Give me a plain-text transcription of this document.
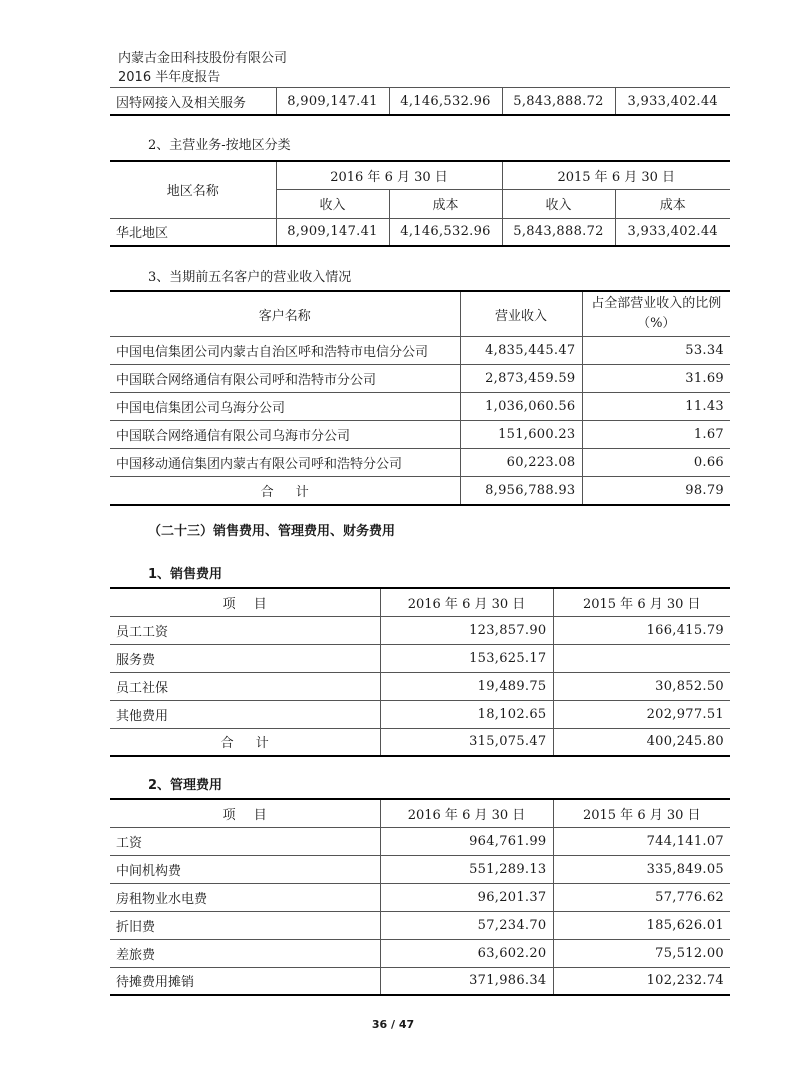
内蒙古金田科技股份有限公司
2016 半年度报告
因特网接入及相关服务	8,909,147.41	4,146,532.96	5,843,888.72	3,933,402.44
2、主营业务-按地区分类
地区名称	2016 年 6 月 30 日		2015 年 6 月 30 日	
	收入	成本	收入	成本
华北地区	8,909,147.41	4,146,532.96	5,843,888.72	3,933,402.44
3、当期前五名客户的营业收入情况
客户名称	营业收入	占全部营业收入的比例（%）
中国电信集团公司内蒙古自治区呼和浩特市电信分公司	4,835,445.47	53.34
中国联合网络通信有限公司呼和浩特市分公司	2,873,459.59	31.69
中国电信集团公司乌海分公司	1,036,060.56	11.43
中国联合网络通信有限公司乌海市分公司	151,600.23	1.67
中国移动通信集团内蒙古有限公司呼和浩特分公司	60,223.08	0.66
合 计	8,956,788.93	98.79
（二十三）销售费用、管理费用、财务费用
1、销售费用
项 目	2016 年 6 月 30 日	2015 年 6 月 30 日
员工工资	123,857.90	166,415.79
服务费	153,625.17	
员工社保	19,489.75	30,852.50
其他费用	18,102.65	202,977.51
合 计	315,075.47	400,245.80
2、管理费用
项 目	2016 年 6 月 30 日	2015 年 6 月 30 日
工资	964,761.99	744,141.07
中间机构费	551,289.13	335,849.05
房租物业水电费	96,201.37	57,776.62
折旧费	57,234.70	185,626.01
差旅费	63,602.20	75,512.00
待摊费用摊销	371,986.34	102,232.74
36 / 47
